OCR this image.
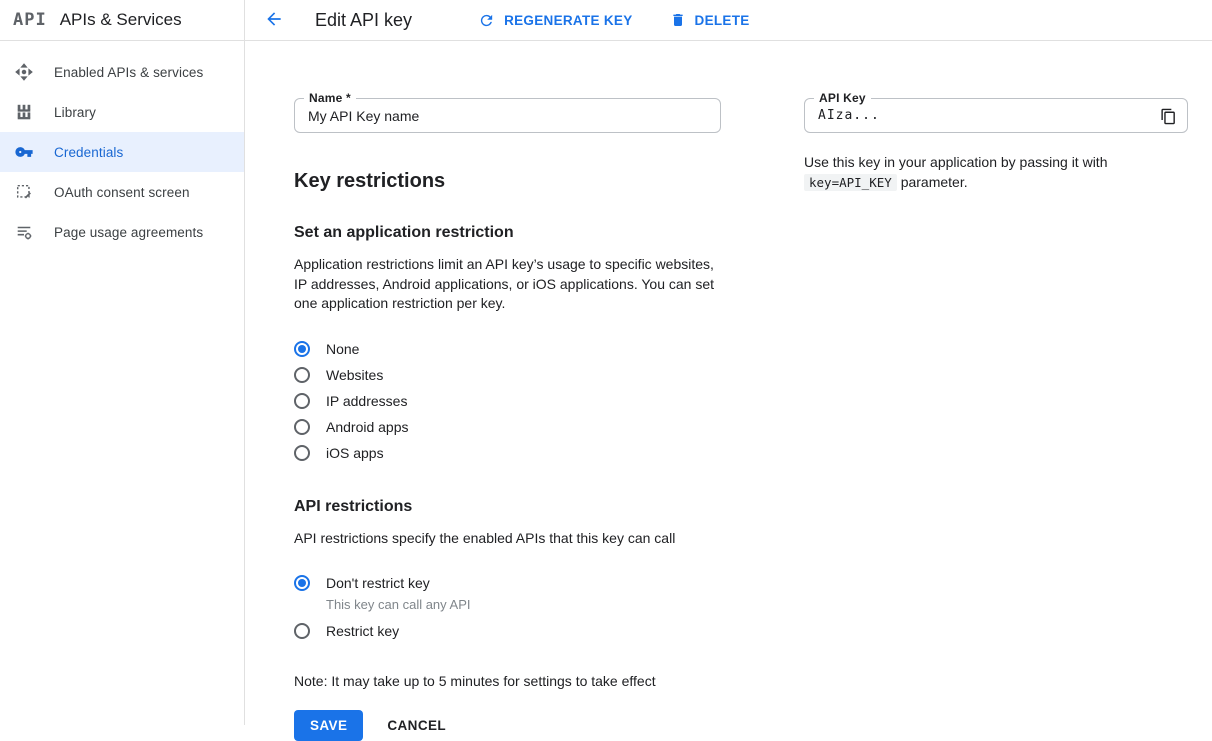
API APIs & Services
Enabled APIs & services
Library
Credentials
OAuth consent screen
Page usage agreements
Edit API key	REGENERATE KEY	DELETE
Name *
My API Key name
Key restrictions
Set an application restriction
Application restrictions limit an API key’s usage to specific websites, IP addresses, Android applications, or iOS applications. You can set one application restriction per key.
None
Websites
IP addresses
Android apps
iOS apps
API restrictions
API restrictions specify the enabled APIs that this key can call
Don't restrict key
This key can call any API
Restrict key
Note: It may take up to 5 minutes for settings to take effect
SAVE	CANCEL
API Key
AIza...
Use this key in your application by passing it with key=API_KEY parameter.
